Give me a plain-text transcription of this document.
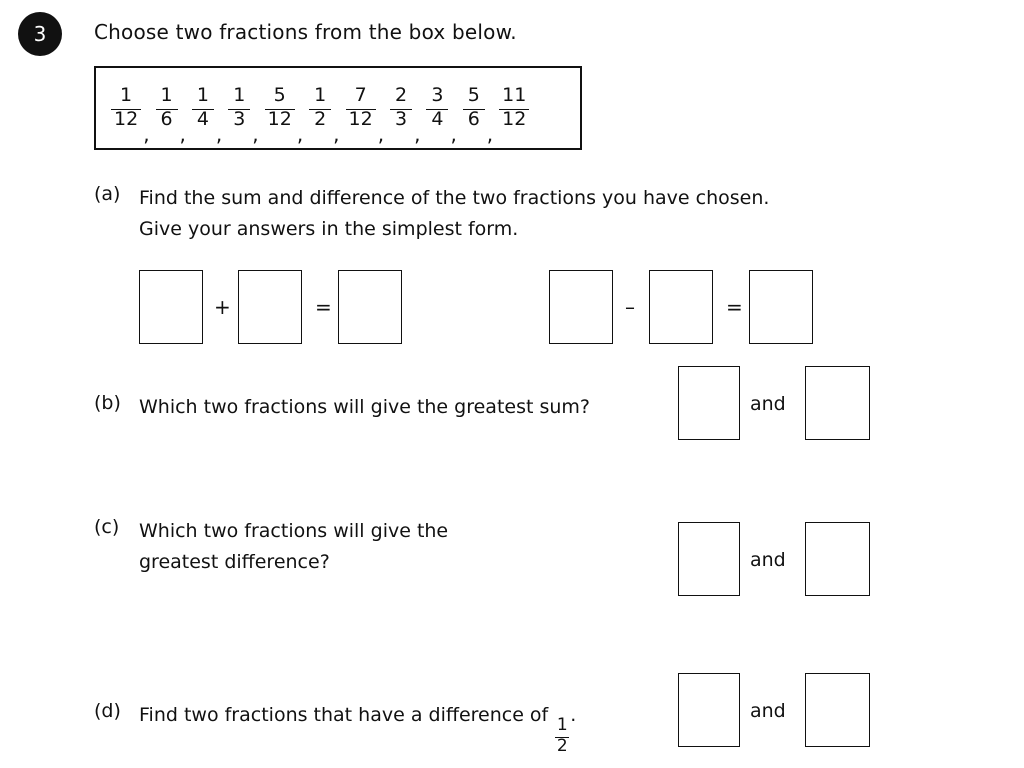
3	Choose two fractions from the box below.
$\frac{1}{12}$
,
$\frac{1}{6}$
,
$\frac{1}{4}$
,
$\frac{1}{3}$
,
$\frac{5}{12}$
,
$\frac{1}{2}$
,
$\frac{7}{12}$
,
$\frac{2}{3}$
,
$\frac{3}{4}$
,
$\frac{5}{6}$
,
$\frac{11}{12}$
(a) Find the sum and difference of the two fractions you have chosen.
Give your answers in the simplest form.
+	=	–	=
(b) Which two fractions will give the greatest sum?	and
(c) Which two fractions will give the
greatest difference?	and
(d) Find two fractions that have a difference of
$\frac{1}{2}$
.	and
